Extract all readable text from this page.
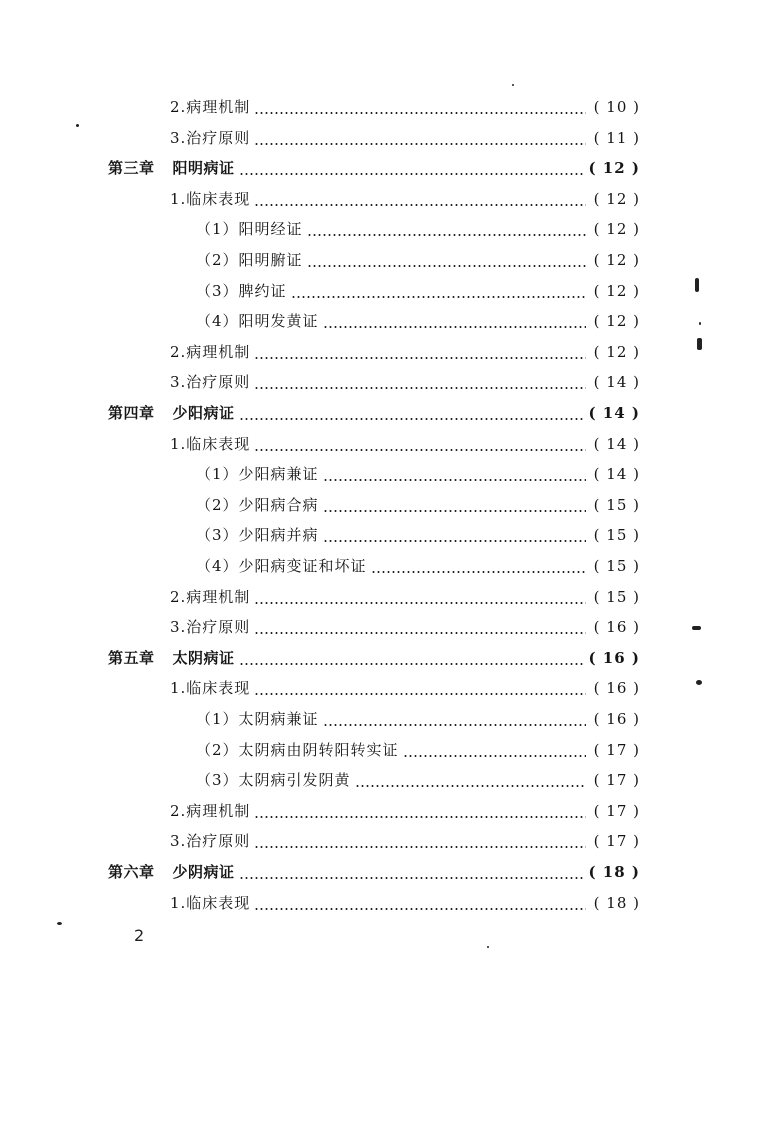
2.病理机制	( 10 )
3.治疗原则	( 11 )
第三章 阳明病证	( 12 )
1.临床表现	( 12 )
（1）阳明经证	( 12 )
（2）阳明腑证	( 12 )
（3）脾约证	( 12 )
（4）阳明发黄证	( 12 )
2.病理机制	( 12 )
3.治疗原则	( 14 )
第四章 少阳病证	( 14 )
1.临床表现	( 14 )
（1）少阳病兼证	( 14 )
（2）少阳病合病	( 15 )
（3）少阳病并病	( 15 )
（4）少阳病变证和坏证	( 15 )
2.病理机制	( 15 )
3.治疗原则	( 16 )
第五章 太阴病证	( 16 )
1.临床表现	( 16 )
（1）太阴病兼证	( 16 )
（2）太阴病由阴转阳转实证	( 17 )
（3）太阴病引发阴黄	( 17 )
2.病理机制	( 17 )
3.治疗原则	( 17 )
第六章 少阴病证	( 18 )
1.临床表现	( 18 )
2
